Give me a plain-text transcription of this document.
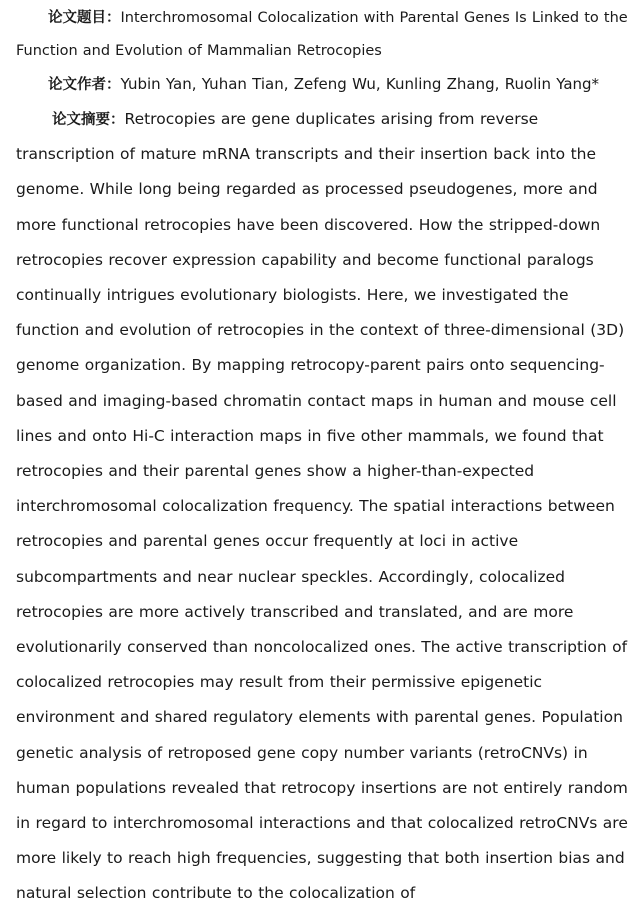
论文题目：Interchromosomal Colocalization with Parental Genes Is Linked to the Function and Evolution of Mammalian Retrocopies
论文作者：Yubin Yan, Yuhan Tian, Zefeng Wu, Kunling Zhang, Ruolin Yang*
论文摘要：Retrocopies are gene duplicates arising from reverse transcription of mature mRNA transcripts and their insertion back into the genome. While long being regarded as processed pseudogenes, more and more functional retrocopies have been discovered. How the stripped-down retrocopies recover expression capability and become functional paralogs continually intrigues evolutionary biologists. Here, we investigated the function and evolution of retrocopies in the context of three-dimensional (3D) genome organization. By mapping retrocopy-parent pairs onto sequencing-based and imaging-based chromatin contact maps in human and mouse cell lines and onto Hi-C interaction maps in five other mammals, we found that retrocopies and their parental genes show a higher-than-expected interchromosomal colocalization frequency. The spatial interactions between retrocopies and parental genes occur frequently at loci in active subcompartments and near nuclear speckles. Accordingly, colocalized retrocopies are more actively transcribed and translated, and are more evolutionarily conserved than noncolocalized ones. The active transcription of colocalized retrocopies may result from their permissive epigenetic environment and shared regulatory elements with parental genes. Population genetic analysis of retroposed gene copy number variants (retroCNVs) in human populations revealed that retrocopy insertions are not entirely random in regard to interchromosomal interactions and that colocalized retroCNVs are more likely to reach high frequencies, suggesting that both insertion bias and natural selection contribute to the colocalization of
